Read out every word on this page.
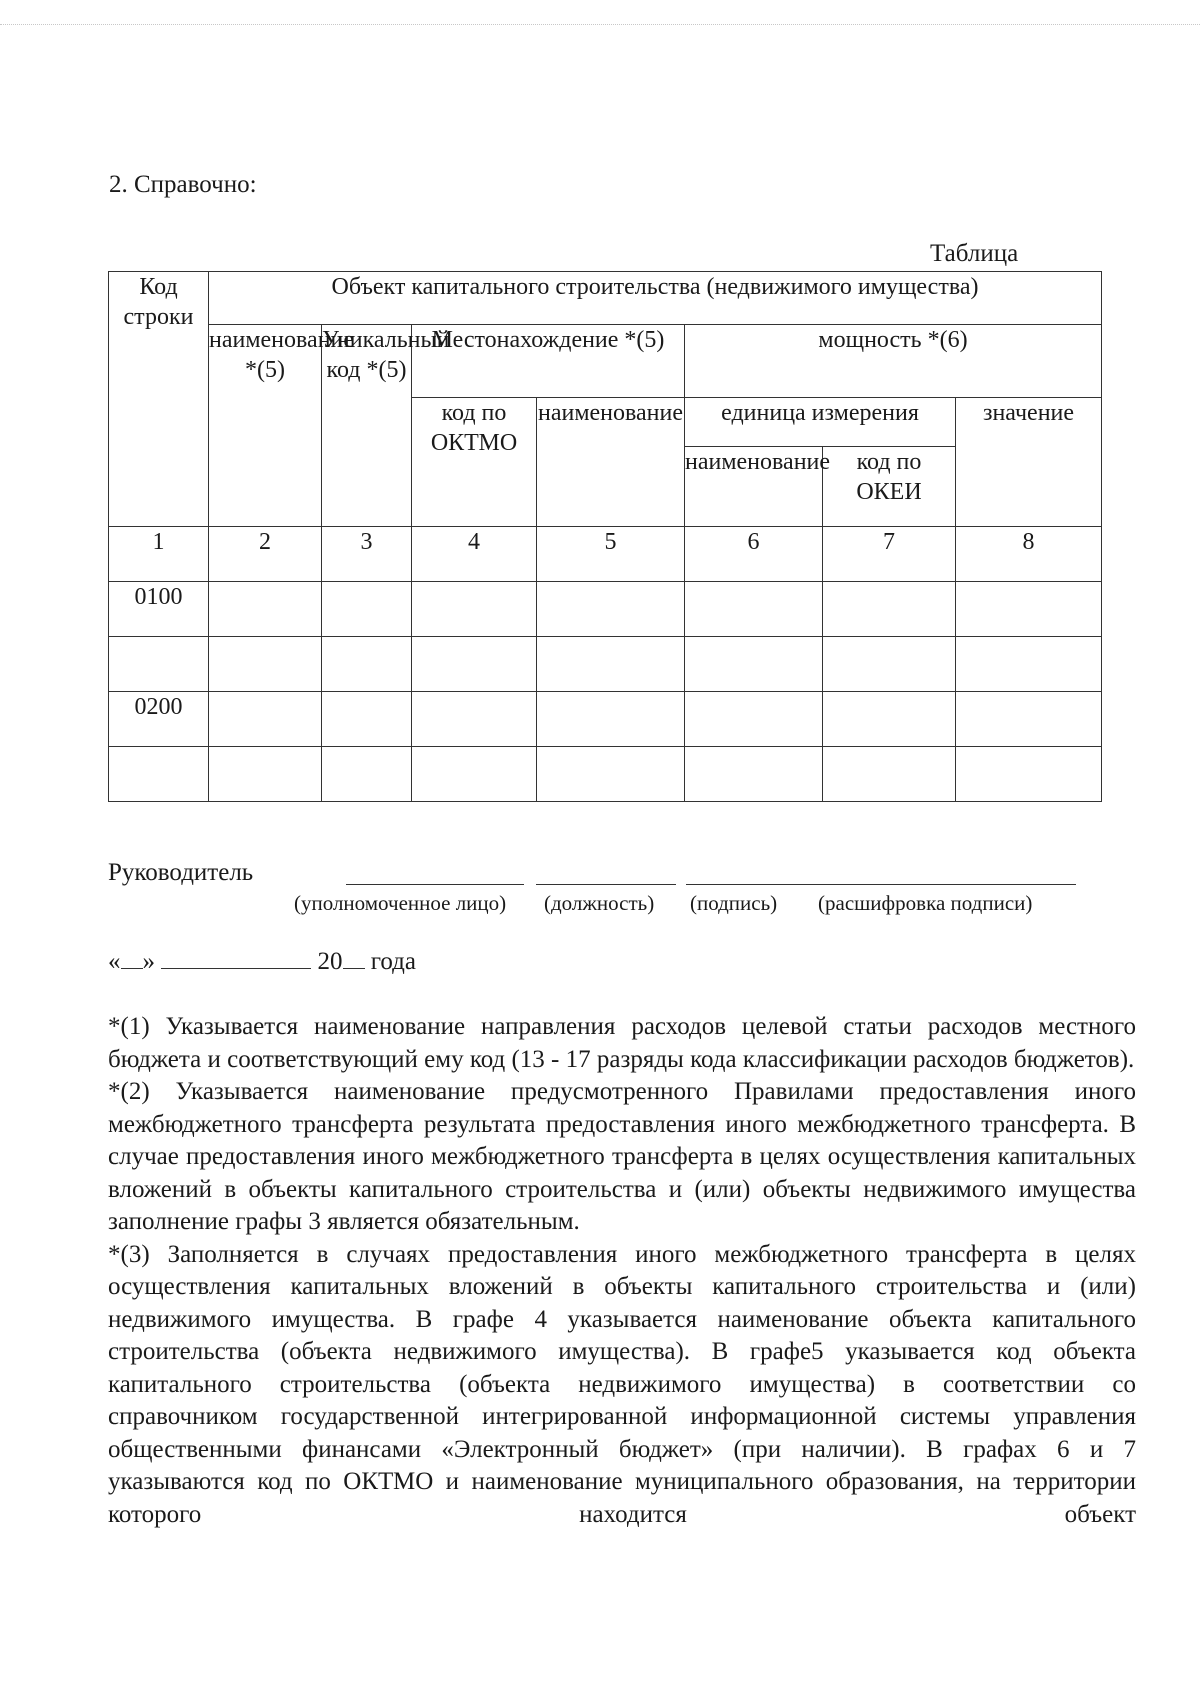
2. Справочно:
Таблица
Код строки	Объект капитального строительства (недвижимого имущества)						
	наименование *(5)	Уникальный код *(5)	Местонахождение *(5)		мощность *(6)		
			код по ОКТМО	наименование	единица измерения		значение
					наименование	код по ОКЕИ	
1	2	3	4	5	6	7	8
0100							

0200							

Руководитель
(уполномоченное лицо) (должность) (подпись) (расшифровка подписи)
« »	20 года

*(1) Указывается наименование направления расходов целевой статьи расходов местного бюджета и соответствующий ему код (13 - 17 разряды кода классификации расходов бюджетов).

*(2) Указывается наименование предусмотренного Правилами предоставления иного межбюджетного трансферта результата предоставления иного межбюджетного трансферта. В случае предоставления иного межбюджетного трансферта в целях осуществления капитальных вложений в объекты капитального строительства и (или) объекты недвижимого имущества заполнение графы 3 является обязательным.

*(3) Заполняется в случаях предоставления иного межбюджетного трансферта в целях осуществления капитальных вложений в объекты капитального строительства и (или) недвижимого имущества. В графе 4 указывается наименование объекта капитального строительства (объекта недвижимого имущества). В графе5 указывается код объекта капитального строительства (объекта недвижимого имущества) в соответствии со справочником государственной интегрированной информационной системы управления общественными финансами «Электронный бюджет» (при наличии). В графах 6 и 7 указываются код по ОКТМО и наименование муниципального образования, на территории которого находится объект
